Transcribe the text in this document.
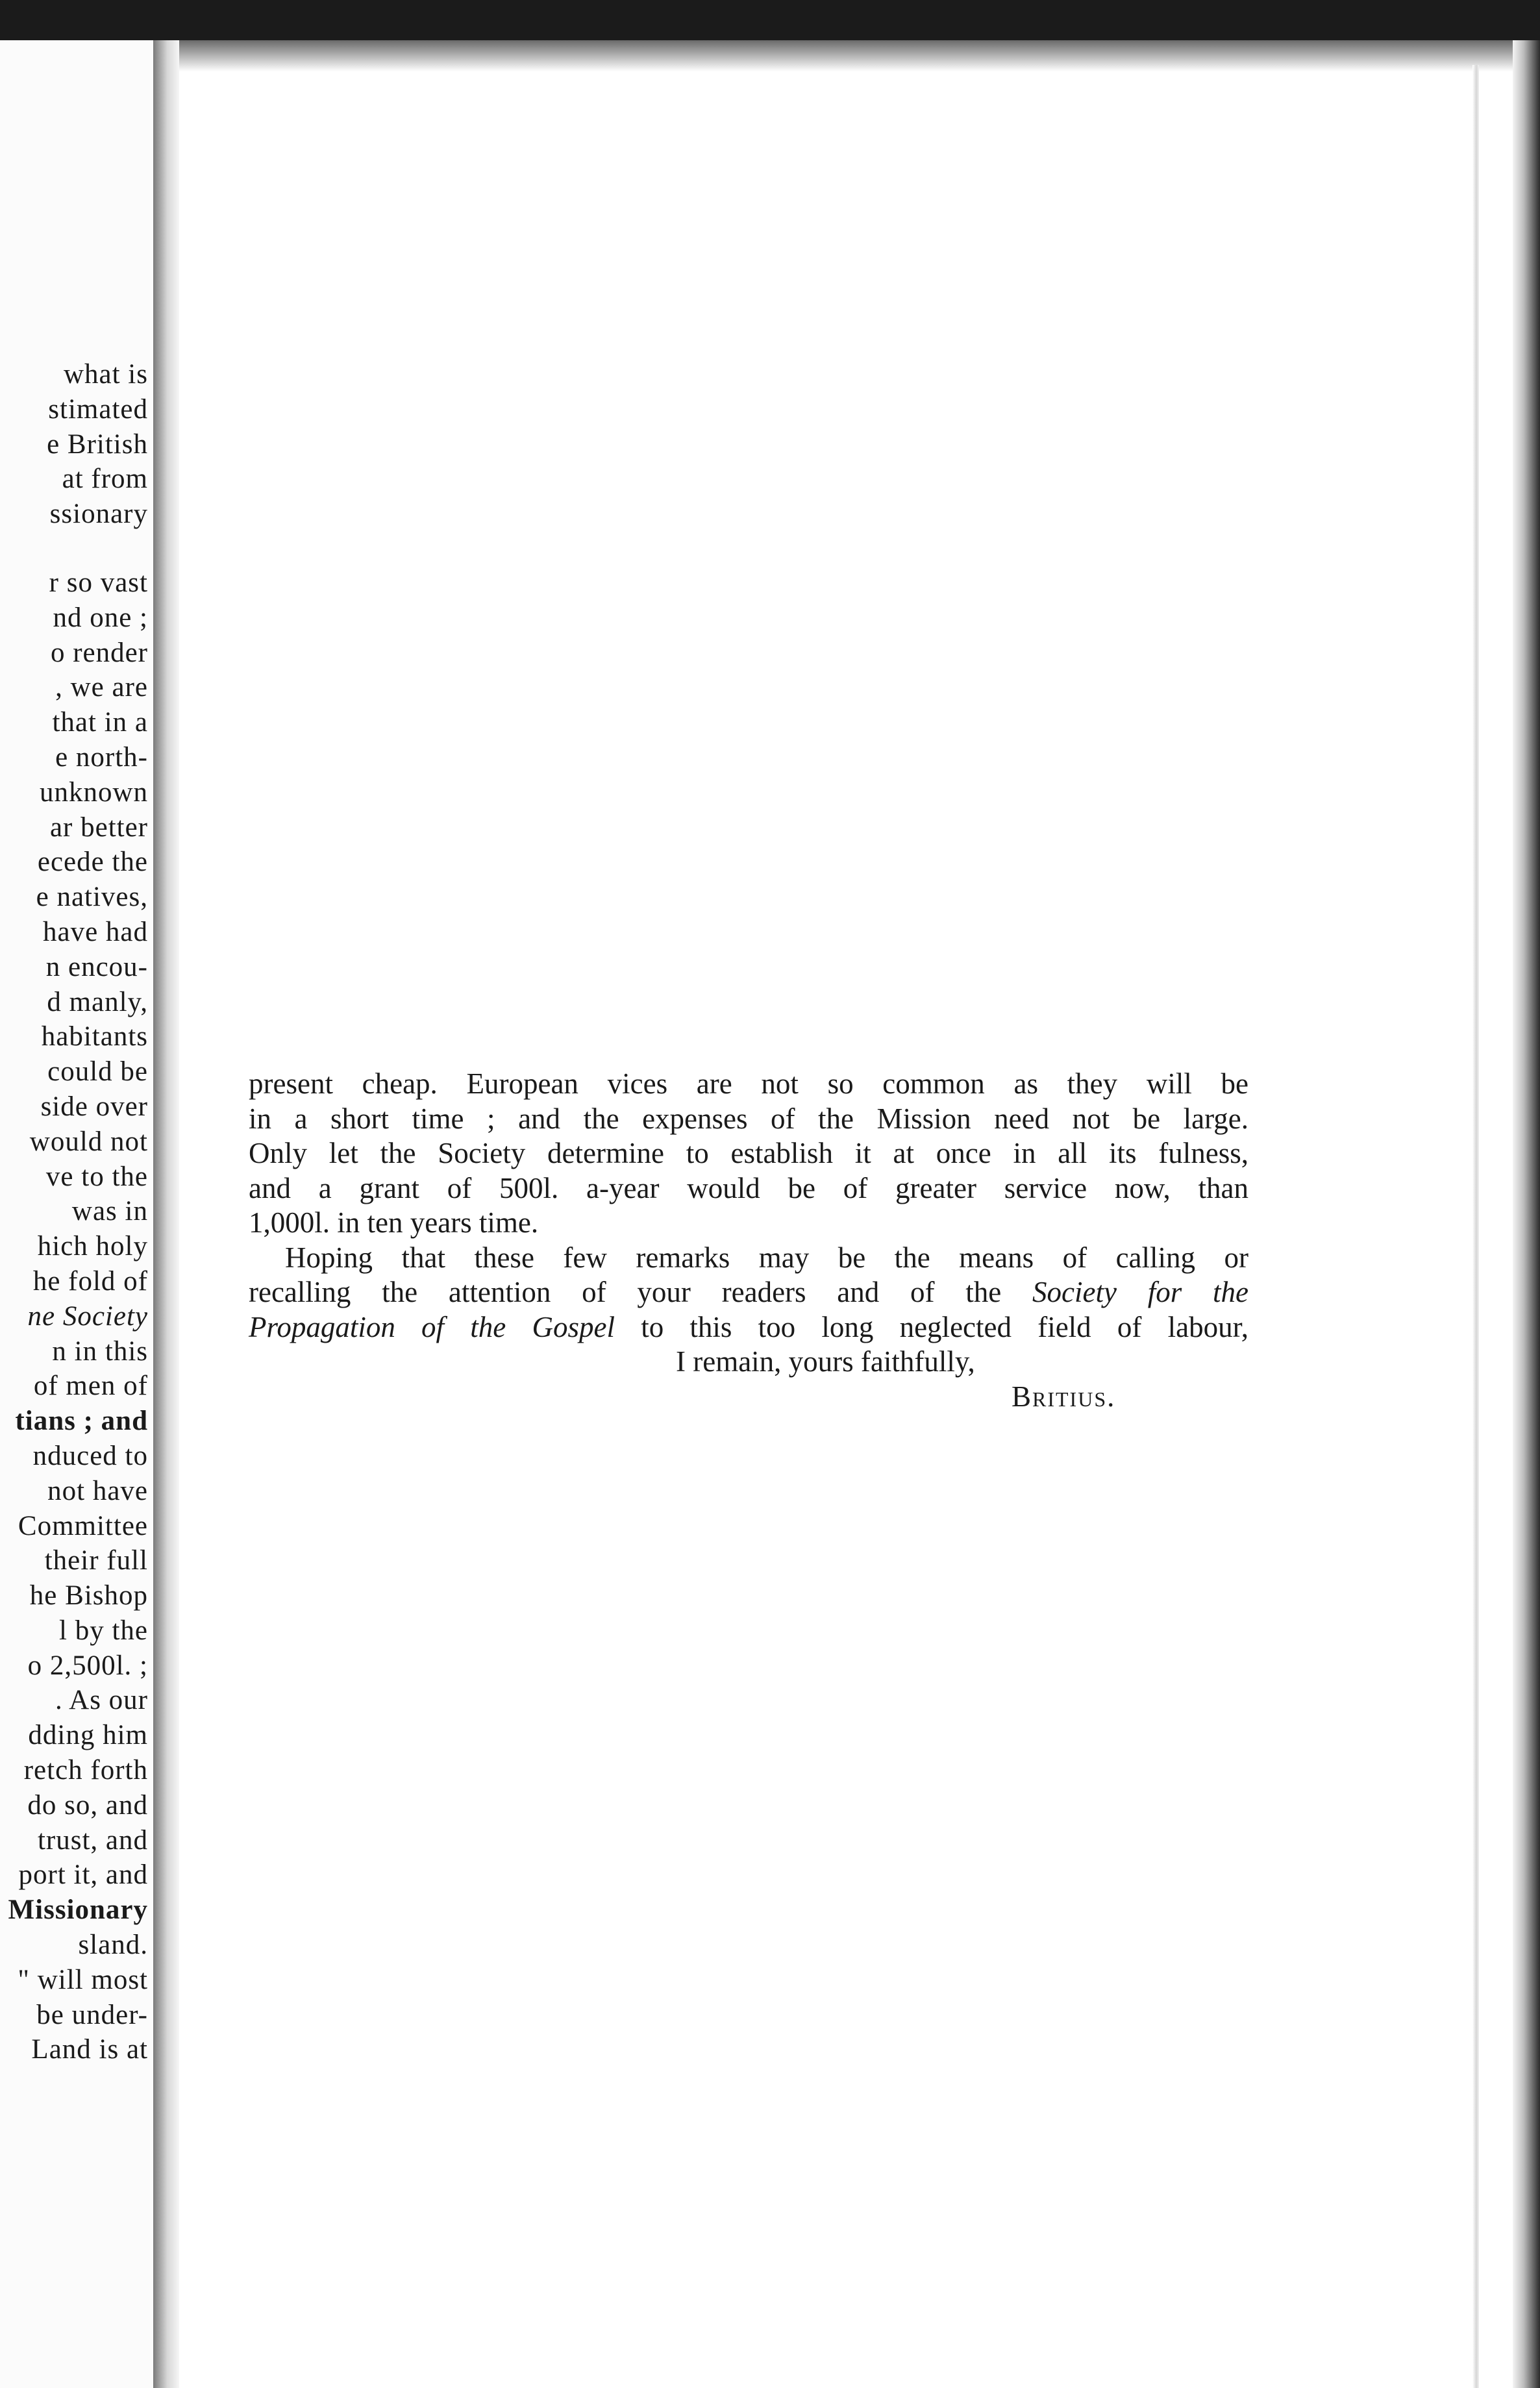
what is
stimated
e British
at from
ssionary
r so vast
nd one ;
o render
, we are
that in a
e north-
unknown
ar better
ecede the
e natives,
have had
n encou-
d manly,
habitants
could be
side over
would not
ve to the
was in
hich holy
he fold of
ne Society
n in this
of men of
tians ; and
nduced to
not have
Committee
their full
he Bishop
l by the
o 2,500l. ;
. As our
dding him
retch forth
do so, and
trust, and
port it, and
Missionary
sland.
" will most
be under-
Land is at
present cheap. European vices are not so common as they will be
in a short time ; and the expenses of the Mission need not be large.
Only let the Society determine to establish it at once in all its fulness,
and a grant of 500l. a-year would be of greater service now, than
1,000l. in ten years time.
Hoping that these few remarks may be the means of calling or
recalling the attention of your readers and of the Society for the
Propagation of the Gospel to this too long neglected field of labour,
I remain, yours faithfully,
Britius.
